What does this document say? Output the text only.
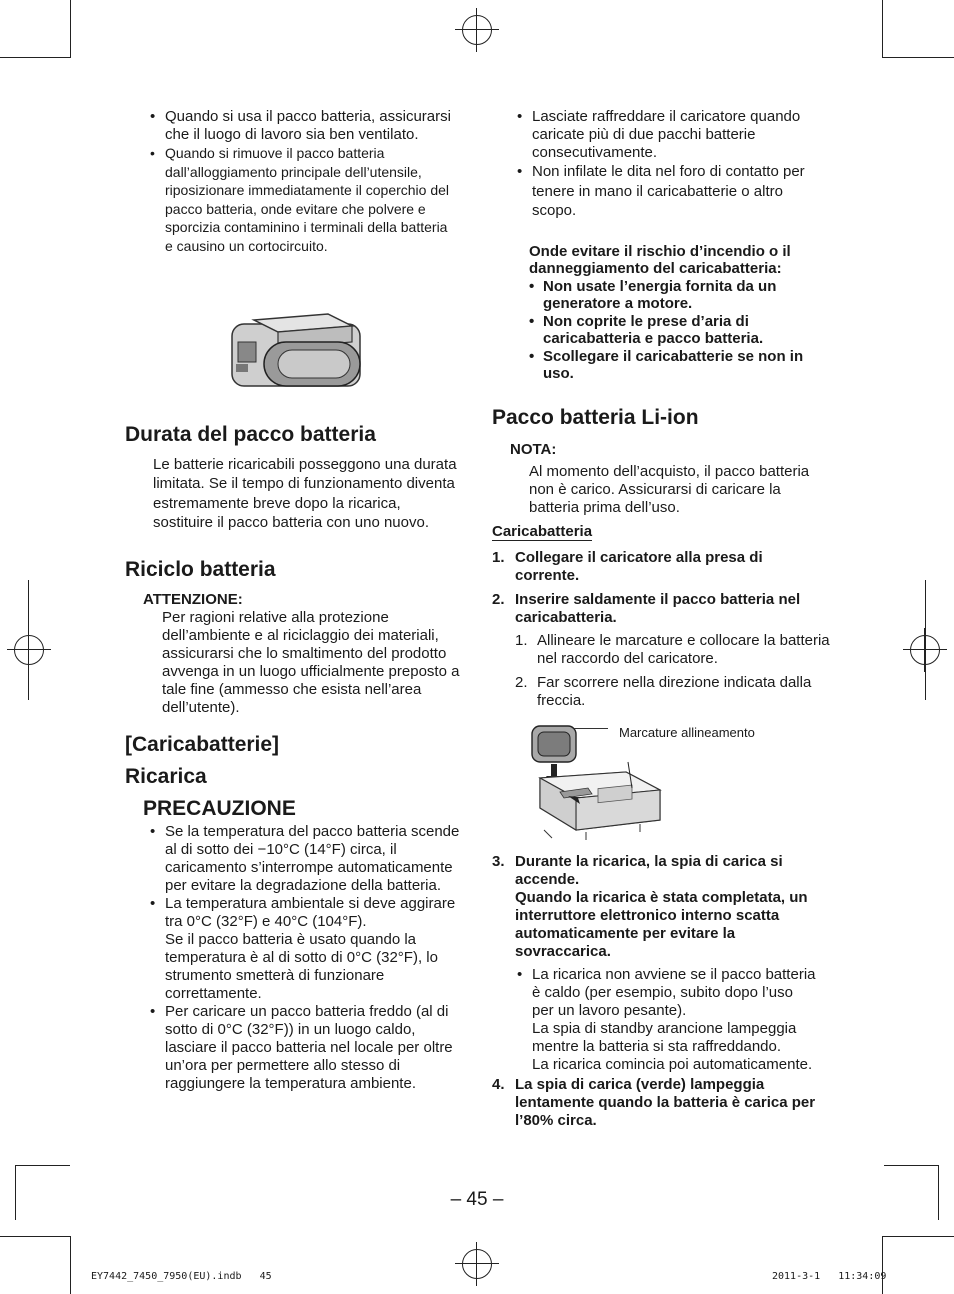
• Quando si usa il pacco batteria, assicurarsi che il luogo di lavoro sia ben ventilato.
• Quando si rimuove il pacco batteria dall’alloggiamento principale dell’utensile, riposizionare immediatamente il coperchio del pacco batteria, onde evitare che polvere e sporcizia contaminino i terminali della batteria e causino un cortocircuito.
Durata del pacco batteria

Le batterie ricaricabili posseggono una durata limitata. Se il tempo di funzionamento diventa estremamente breve dopo la ricarica, sostituire il pacco batteria con uno nuovo.

Riciclo batteria

ATTENZIONE:

Per ragioni relative alla protezione dell’ambiente e al riciclaggio dei materiali, assicurarsi che lo smaltimento del prodotto avvenga in un luogo ufficialmente preposto a tale fine (ammesso che esista nell’area dell’utente).

[Caricabatterie]
Ricarica
PRECAUZIONE
• Se la temperatura del pacco batteria scende al di sotto dei −10°C (14°F) circa, il caricamento s’interrompe automaticamente per evitare la degradazione della batteria.
• La temperatura ambientale si deve aggirare tra 0°C (32°F) e 40°C (104°F).
Se il pacco batteria è usato quando la temperatura è al di sotto di 0°C (32°F), lo strumento smetterà di funzionare correttamente.
• Per caricare un pacco batteria freddo (al di sotto di 0°C (32°F)) in un luogo caldo, lasciare il pacco batteria nel locale per oltre un’ora per permettere allo stesso di raggiungere la temperatura ambiente.
• Lasciate raffreddare il caricatore quando caricate più di due pacchi batterie consecutivamente.
• Non infilate le dita nel foro di contatto per tenere in mano il caricabatterie o altro scopo.

Onde evitare il rischio d’incendio o il danneggiamento del caricabatteria:

• Non usate l’energia fornita da un generatore a motore.
• Non coprite le prese d’aria di caricabatteria e pacco batteria.
• Scollegare il caricabatterie se non in uso.
Pacco batteria Li-ion

NOTA:

Al momento dell’acquisto, il pacco batteria non è carico. Assicurarsi di caricare la batteria prima dell’uso.

Caricabatteria

1. Collegare il caricatore alla presa di corrente.
2. Inserire saldamente il pacco batteria nel caricabatteria.
1. Allineare le marcature e collocare la batteria nel raccordo del caricatore.
2. Far scorrere nella direzione indicata dalla freccia.

Marcature allineamento

3. Durante la ricarica, la spia di carica si accende.
Quando la ricarica è stata completata, un interruttore elettronico interno scatta automaticamente per evitare la sovraccarica.
• La ricarica non avviene se il pacco batteria è caldo (per esempio, subito dopo l’uso per un lavoro pesante).
La spia di standby arancione lampeggia mentre la batteria si sta raffreddando.
La ricarica comincia poi automaticamente.
4. La spia di carica (verde) lampeggia lentamente quando la batteria è carica per l’80% circa.
– 45 –
EY7442_7450_7950(EU).indb   45	2011-3-1   11:34:09
